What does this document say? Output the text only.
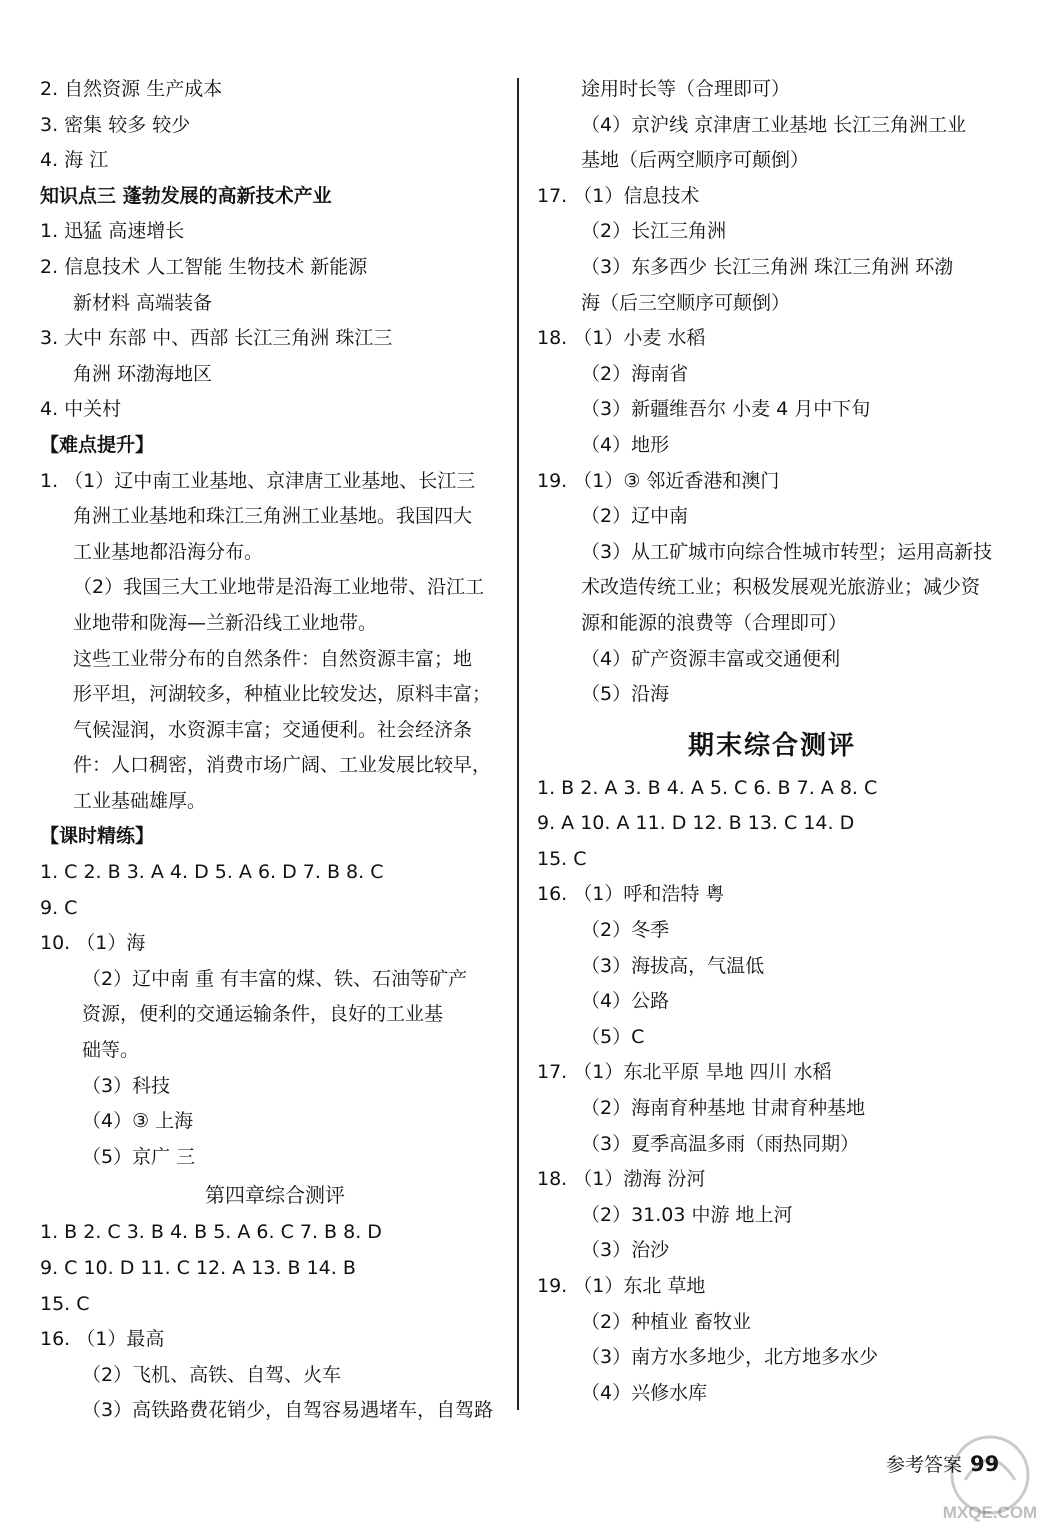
2. 自然资源 生产成本
3. 密集 较多 较少
4. 海 江
知识点三 蓬勃发展的高新技术产业
1. 迅猛 高速增长
2. 信息技术 人工智能 生物技术 新能源
新材料 高端装备
3. 大中 东部 中、西部 长江三角洲 珠江三
角洲 环渤海地区
4. 中关村
【难点提升】
1. （1）辽中南工业基地、京津唐工业基地、长江三
角洲工业基地和珠江三角洲工业基地。我国四大
工业基地都沿海分布。
（2）我国三大工业地带是沿海工业地带、沿江工
业地带和陇海—兰新沿线工业地带。
这些工业带分布的自然条件：自然资源丰富；地
形平坦，河湖较多，种植业比较发达，原料丰富；
气候湿润，水资源丰富；交通便利。社会经济条
件：人口稠密，消费市场广阔、工业发展比较早，
工业基础雄厚。
【课时精练】
1. C 2. B 3. A 4. D 5. A 6. D 7. B 8. C
9. C
10. （1）海
（2）辽中南 重 有丰富的煤、铁、石油等矿产
资源，便利的交通运输条件，良好的工业基
础等。
（3）科技
（4）③ 上海
（5）京广 三
第四章综合测评
1. B 2. C 3. B 4. B 5. A 6. C 7. B 8. D
9. C 10. D 11. C 12. A 13. B 14. B
15. C
16. （1）最高
（2）飞机、高铁、自驾、火车
（3）高铁路费花销少，自驾容易遇堵车，自驾路
途用时长等（合理即可）
（4）京沪线 京津唐工业基地 长江三角洲工业
基地（后两空顺序可颠倒）
17. （1）信息技术
（2）长江三角洲
（3）东多西少 长江三角洲 珠江三角洲 环渤
海（后三空顺序可颠倒）
18. （1）小麦 水稻
（2）海南省
（3）新疆维吾尔 小麦 4 月中下旬
（4）地形
19. （1）③ 邻近香港和澳门
（2）辽中南
（3）从工矿城市向综合性城市转型；运用高新技
术改造传统工业；积极发展观光旅游业；减少资
源和能源的浪费等（合理即可）
（4）矿产资源丰富或交通便利
（5）沿海
期末综合测评
1. B 2. A 3. B 4. A 5. C 6. B 7. A 8. C
9. A 10. A 11. D 12. B 13. C 14. D
15. C
16. （1）呼和浩特 粤
（2）冬季
（3）海拔高，气温低
（4）公路
（5）C
17. （1）东北平原 旱地 四川 水稻
（2）海南育种基地 甘肃育种基地
（3）夏季高温多雨（雨热同期）
18. （1）渤海 汾河
（2）31.03 中游 地上河
（3）治沙
19. （1）东北 草地
（2）种植业 畜牧业
（3）南方水多地少，北方地多水少
（4）兴修水库
参考答案 99
MXQE.COM
